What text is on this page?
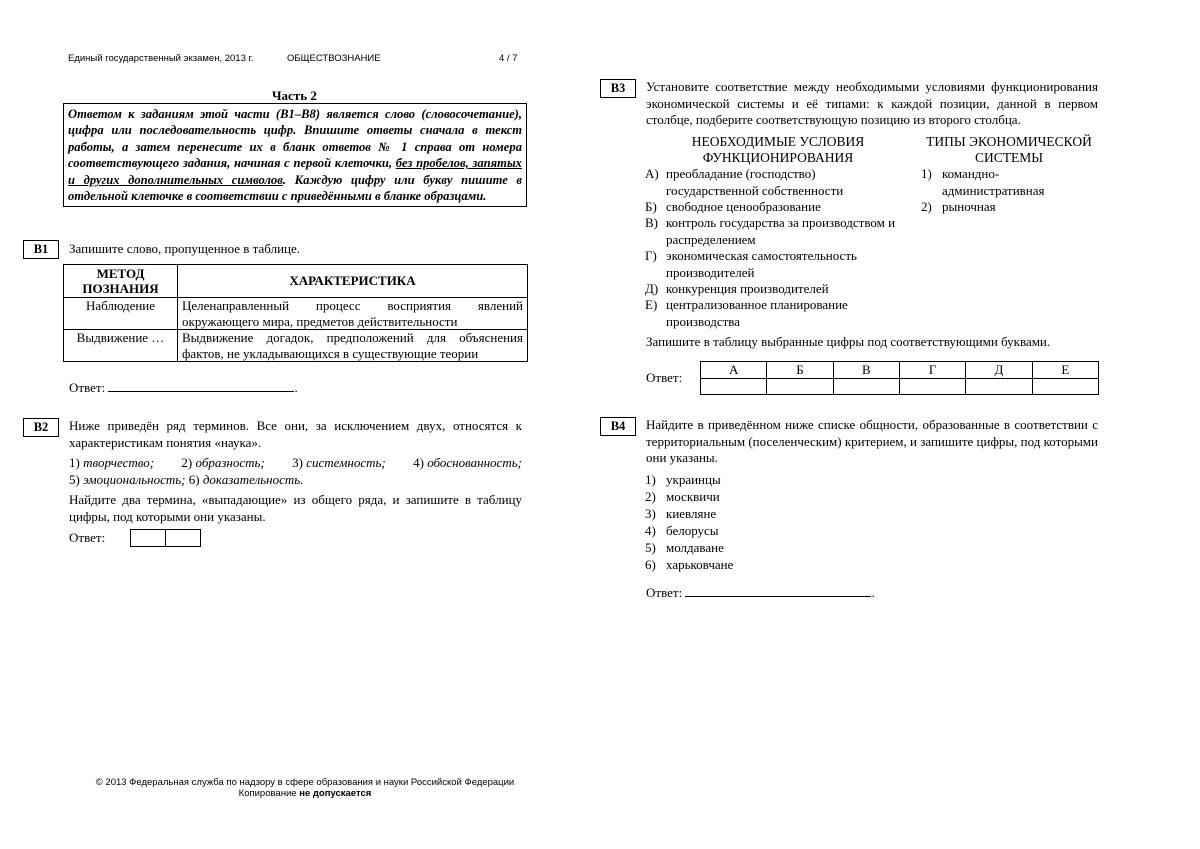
Единый государственный экзамен, 2013 г.	ОБЩЕСТВОЗНАНИЕ	4 / 7
Часть 2
Ответом к заданиям этой части (В1–В8) является слово (словосочетание), цифра или последовательность цифр. Впишите ответы сначала в текст работы, а затем перенесите их в бланк ответов № 1 справа от номера соответствующего задания, начиная с первой клеточки, без пробелов, запятых и других дополнительных символов. Каждую цифру или букву пишите в отдельной клеточке в соответствии с приведёнными в бланке образцами.
B1	Запишите слово, пропущенное в таблице.
МЕТОД ПОЗНАНИЯ	ХАРАКТЕРИСТИКА
Наблюдение	Целенаправленный процесс восприятия явлений окружающего мира, предметов действительности
Выдвижение …	Выдвижение догадок, предположений для объяснения фактов, не укладывающихся в существующие теории
Ответ:	.
B2	Ниже приведён ряд терминов. Все они, за исключением двух, относятся к характеристикам понятия «наука».
1) творчество; 2) образность; 3) системность; 4) обоснованность;
5) эмоциональность; 6) доказательность.
Найдите два термина, «выпадающие» из общего ряда, и запишите в таблицу цифры, под которыми они указаны.
Ответ:
B3	Установите соответствие между необходимыми условиями функционирования экономической системы и её типами: к каждой позиции, данной в первом столбце, подберите соответствующую позицию из второго столбца.
НЕОБХОДИМЫЕ УСЛОВИЯ ФУНКЦИОНИРОВАНИЯ
ТИПЫ ЭКОНОМИЧЕСКОЙ СИСТЕМЫ
А) преобладание (господство) государственной собственности
Б) свободное ценообразование
В) контроль государства за производством и распределением
Г) экономическая самостоятельность производителей
Д) конкуренция производителей
Е) централизованное планирование производства
1) командно-административная
2) рыночная
Запишите в таблицу выбранные цифры под соответствующими буквами.
Ответ:
А	Б	В	Г	Д	Е

B4	Найдите в приведённом ниже списке общности, образованные в соответствии с территориальным (поселенческим) критерием, и запишите цифры, под которыми они указаны.
1) украинцы
2) москвичи
3) киевляне
4) белорусы
5) молдаване
6) харьковчане
Ответ:	.
© 2013 Федеральная служба по надзору в сфере образования и науки Российской Федерации
Копирование не допускается
